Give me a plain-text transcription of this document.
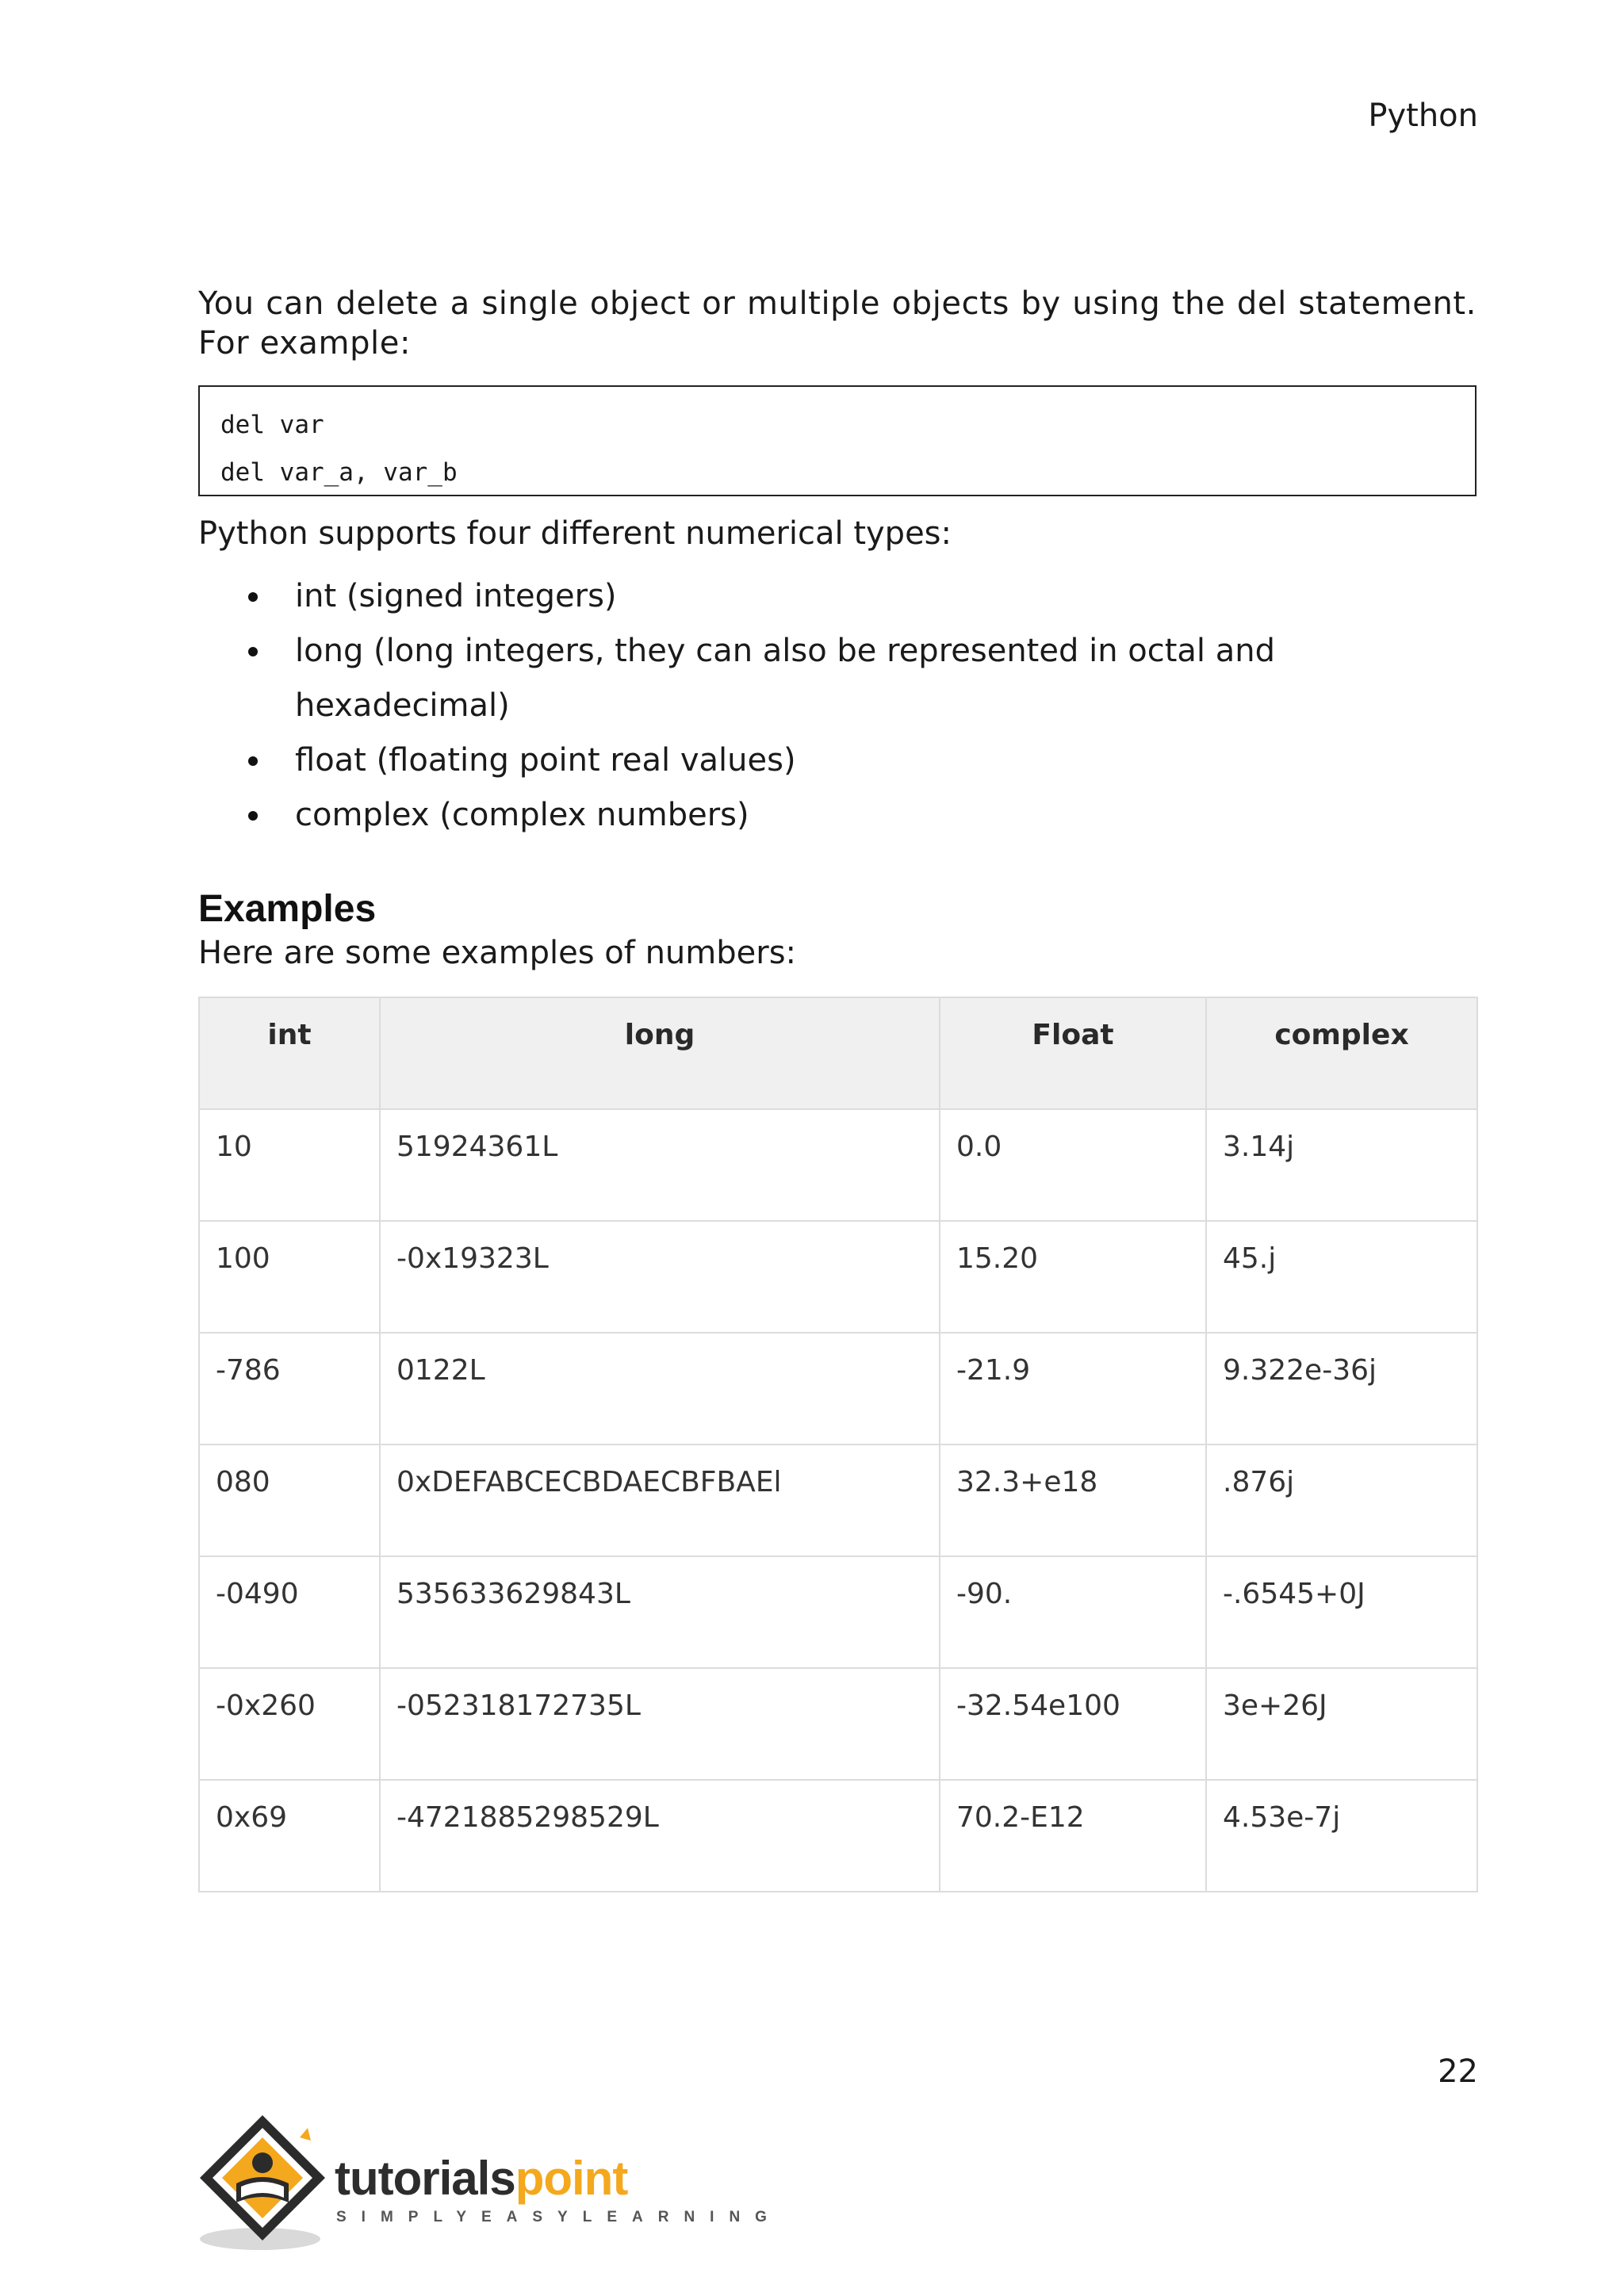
Python

You can delete a single object or multiple objects by using the del statement. For example:

del var
del var_a, var_b

Python supports four different numerical types:

int (signed integers)
long (long integers, they can also be represented in octal and hexadecimal)
float (floating point real values)
complex (complex numbers)
Examples

Here are some examples of numbers:

int	long	Float	complex
10	51924361L	0.0	3.14j
100	-0x19323L	15.20	45.j
-786	0122L	-21.9	9.322e-36j
080	0xDEFABCECBDAECBFBAEl	32.3+e18	.876j
-0490	535633629843L	-90.	-.6545+0J
-0x260	-052318172735L	-32.54e100	3e+26J
0x69	-4721885298529L	70.2-E12	4.53e-7j
22
tutorialspoint
SIMPLYEASYLEARNING
